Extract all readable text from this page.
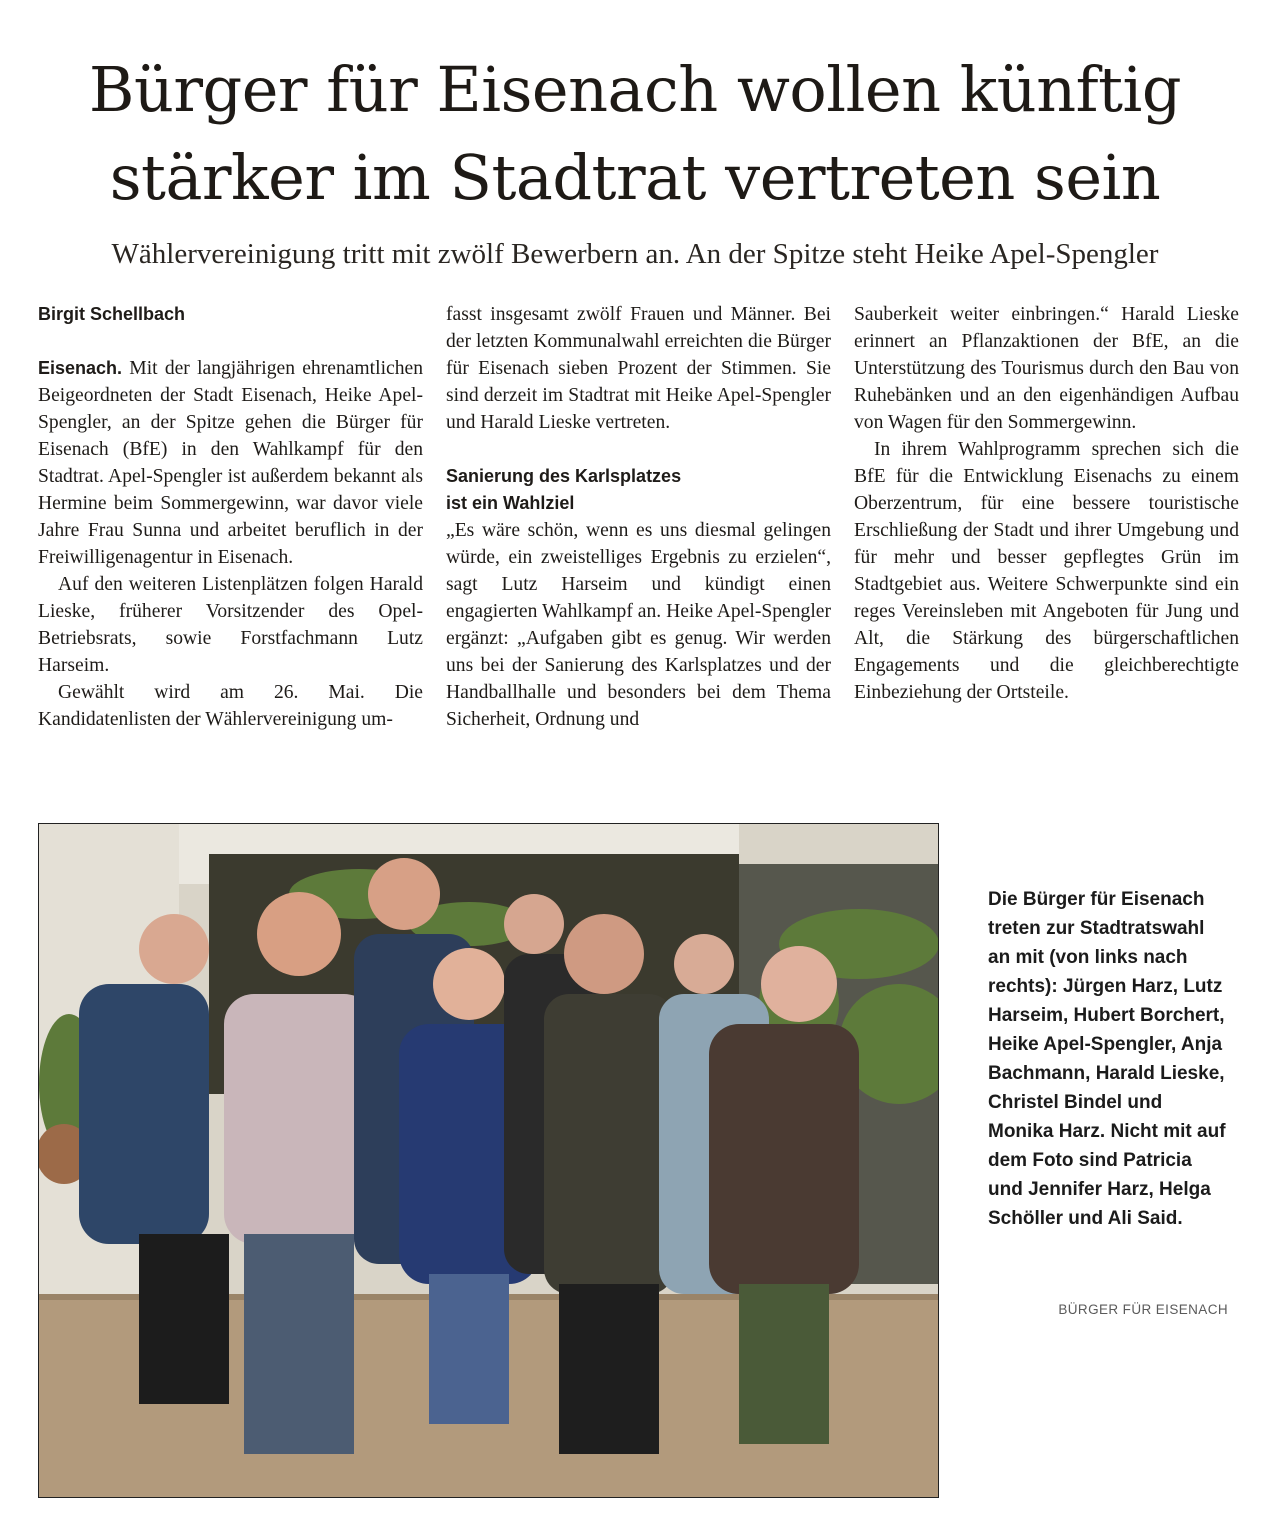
Bürger für Eisenach wollen künftig
stärker im Stadtrat vertreten sein
Wählervereinigung tritt mit zwölf Bewerbern an. An der Spitze steht Heike Apel-Spengler
Birgit Schellbach

Eisenach. Mit der langjährigen ehrenamtlichen Beigeordneten der Stadt Eisenach, Heike Apel-Spengler, an der Spitze gehen die Bürger für Eisenach (BfE) in den Wahlkampf für den Stadtrat. Apel-Spengler ist außerdem bekannt als Hermine beim Sommergewinn, war davor viele Jahre Frau Sunna und arbeitet beruflich in der Freiwilligenagentur in Eisenach.

Auf den weiteren Listenplätzen folgen Harald Lieske, früherer Vorsitzender des Opel-Betriebsrats, sowie Forstfachmann Lutz Harseim.

Gewählt wird am 26. Mai. Die Kandidatenlisten der Wählervereinigung um-

fasst insgesamt zwölf Frauen und Männer. Bei der letzten Kommunalwahl erreichten die Bürger für Eisenach sieben Prozent der Stimmen. Sie sind derzeit im Stadtrat mit Heike Apel-Spengler und Harald Lieske vertreten.

Sanierung des Karlsplatzes
ist ein Wahlziel

„Es wäre schön, wenn es uns diesmal gelingen würde, ein zweistelliges Ergebnis zu erzielen“, sagt Lutz Harseim und kündigt einen engagierten Wahlkampf an. Heike Apel-Spengler ergänzt: „Aufgaben gibt es genug. Wir werden uns bei der Sanierung des Karlsplatzes und der Handballhalle und besonders bei dem Thema Sicherheit, Ordnung und

Sauberkeit weiter einbringen.“ Harald Lieske erinnert an Pflanzaktionen der BfE, an die Unterstützung des Tourismus durch den Bau von Ruhebänken und an den eigenhändigen Aufbau von Wagen für den Sommergewinn.

In ihrem Wahlprogramm sprechen sich die BfE für die Entwicklung Eisenachs zu einem Oberzentrum, für eine bessere touristische Erschließung der Stadt und ihrer Umgebung und für mehr und besser gepflegtes Grün im Stadtgebiet aus. Weitere Schwerpunkte sind ein reges Vereinsleben mit Angeboten für Jung und Alt, die Stärkung des bürgerschaftlichen Engagements und die gleichberechtigte Einbeziehung der Ortsteile.

Die Bürger für Eisenach treten zur Stadtratswahl an mit (von links nach rechts): Jürgen Harz, Lutz Harseim, Hubert Borchert, Heike Apel-Spengler, Anja Bachmann, Harald Lieske, Christel Bindel und Monika Harz. Nicht mit auf dem Foto sind Patricia und Jennifer Harz, Helga Schöller und Ali Said.
BÜRGER FÜR EISENACH
